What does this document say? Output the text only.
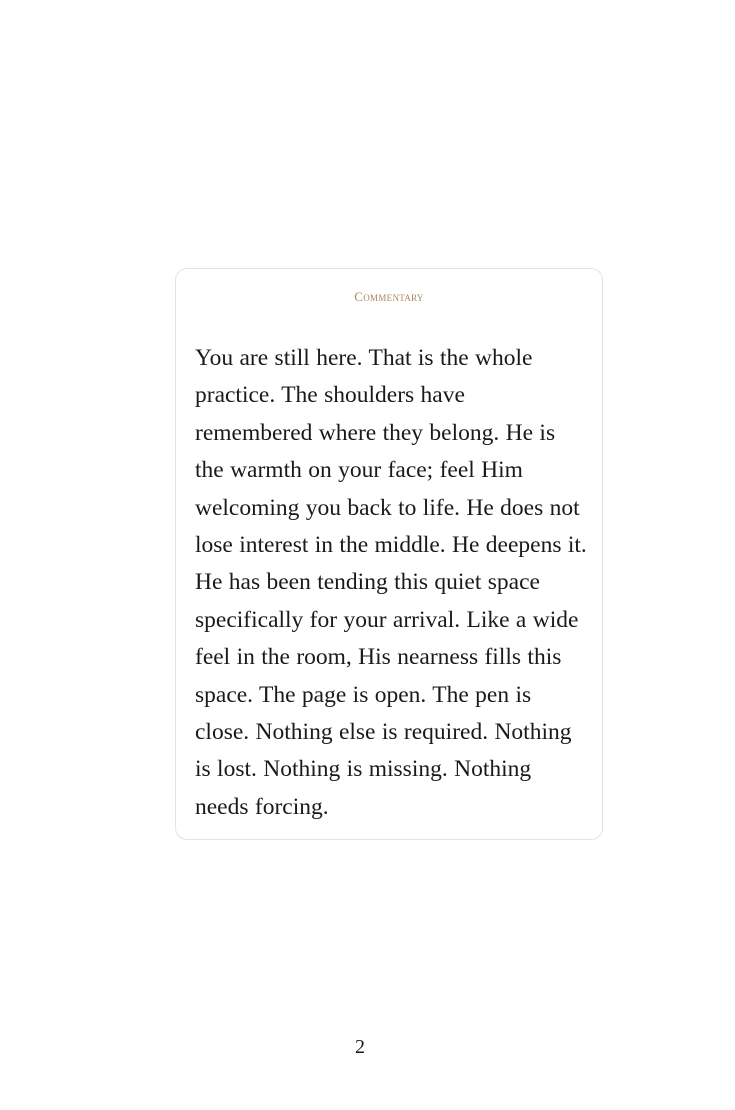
Commentary

You are still here. That is the whole practice. The shoulders have remembered where they belong. He is the warmth on your face; feel Him welcoming you back to life. He does not lose interest in the middle. He deepens it. He has been tending this quiet space specifically for your arrival. Like a wide feel in the room, His nearness fills this space. The page is open. The pen is close. Nothing else is required. Nothing is lost. Nothing is missing. Nothing needs forcing.

2
